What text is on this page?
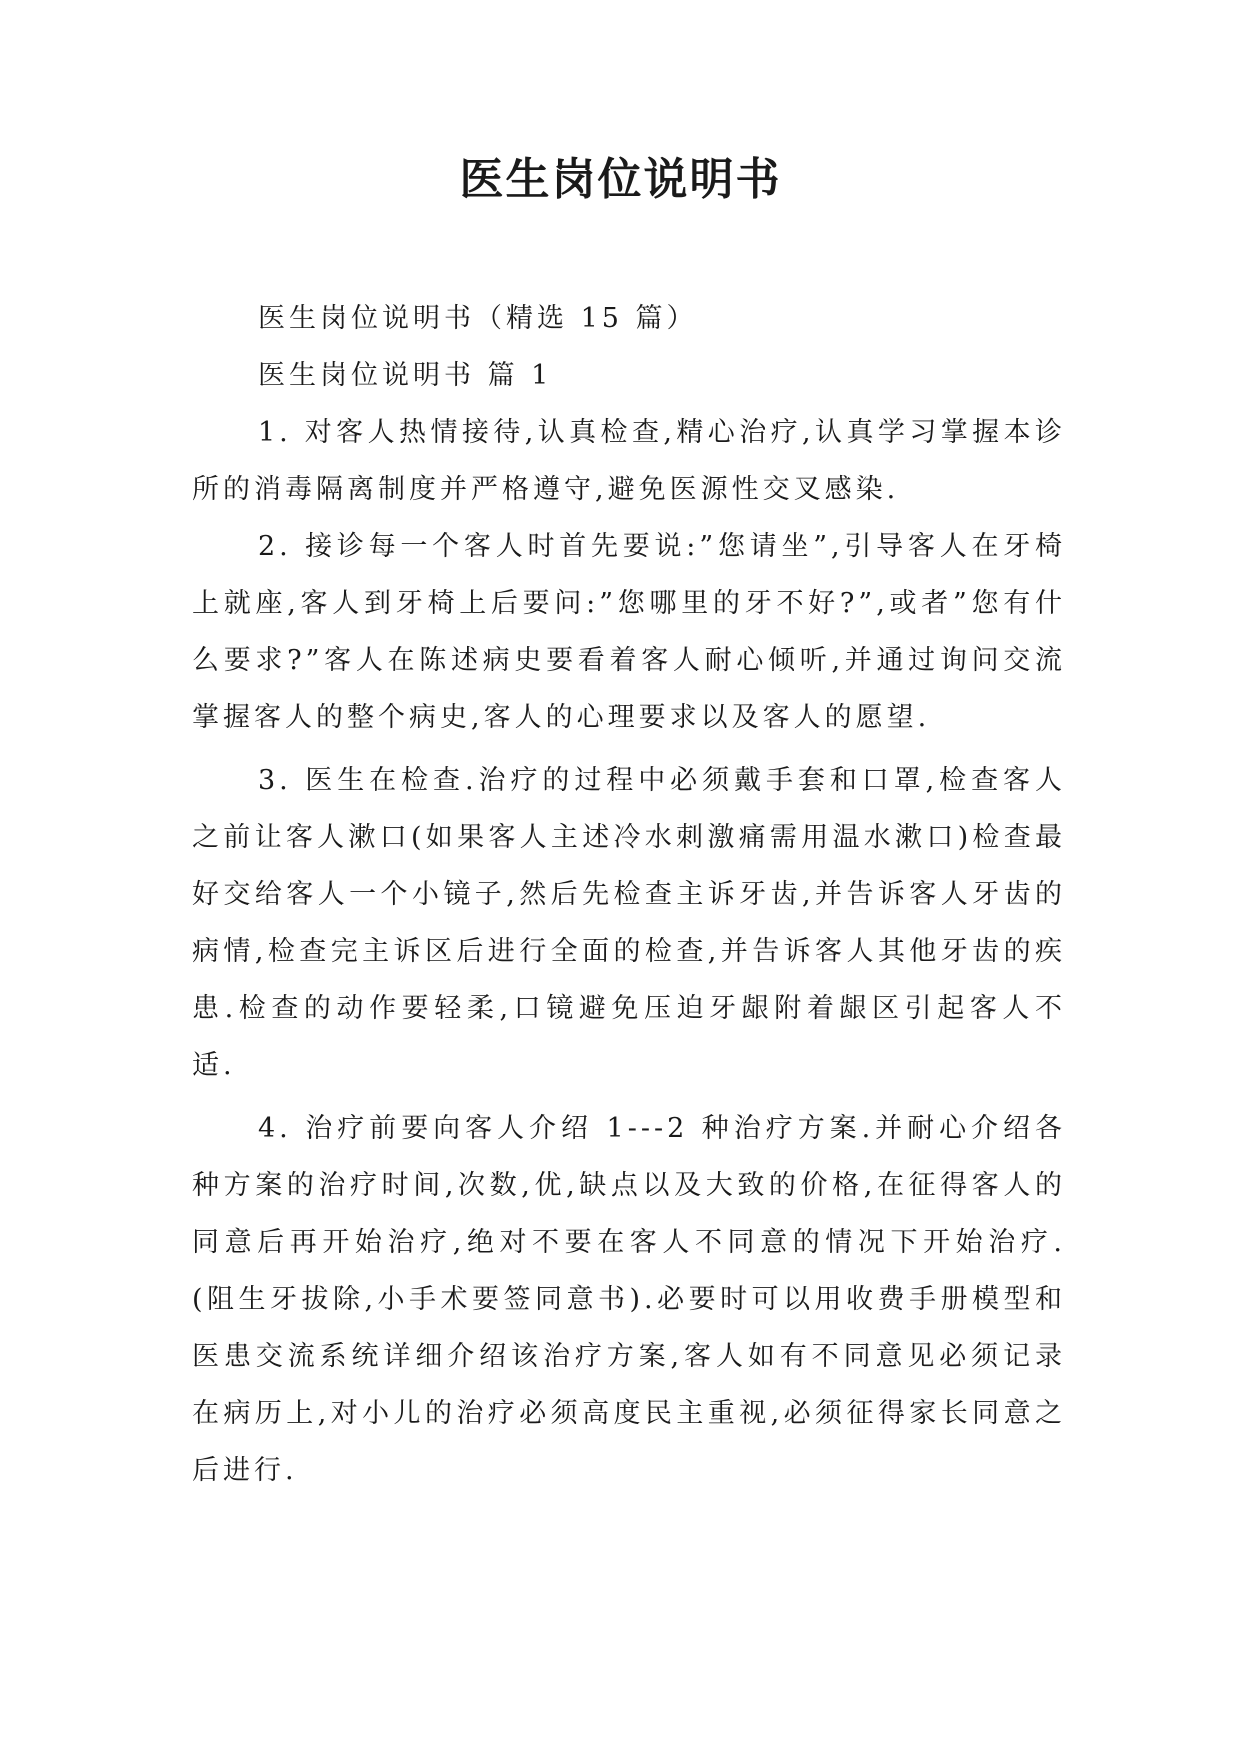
医生岗位说明书

医生岗位说明书（精选 15 篇）

医生岗位说明书 篇 1

1. 对客人热情接待,认真检查,精心治疗,认真学习掌握本诊所的消毒隔离制度并严格遵守,避免医源性交叉感染.

2. 接诊每一个客人时首先要说:”您请坐”,引导客人在牙椅上就座,客人到牙椅上后要问:”您哪里的牙不好?”,或者”您有什么要求?”客人在陈述病史要看着客人耐心倾听,并通过询问交流掌握客人的整个病史,客人的心理要求以及客人的愿望.

3. 医生在检查.治疗的过程中必须戴手套和口罩,检查客人之前让客人漱口(如果客人主述冷水刺激痛需用温水漱口)检查最好交给客人一个小镜子,然后先检查主诉牙齿,并告诉客人牙齿的病情,检查完主诉区后进行全面的检查,并告诉客人其他牙齿的疾患.检查的动作要轻柔,口镜避免压迫牙龈附着龈区引起客人不适.

4. 治疗前要向客人介绍 1---2 种治疗方案.并耐心介绍各种方案的治疗时间,次数,优,缺点以及大致的价格,在征得客人的同意后再开始治疗,绝对不要在客人不同意的情况下开始治疗.(阻生牙拔除,小手术要签同意书).必要时可以用收费手册模型和医患交流系统详细介绍该治疗方案,客人如有不同意见必须记录在病历上,对小儿的治疗必须高度民主重视,必须征得家长同意之后进行.
